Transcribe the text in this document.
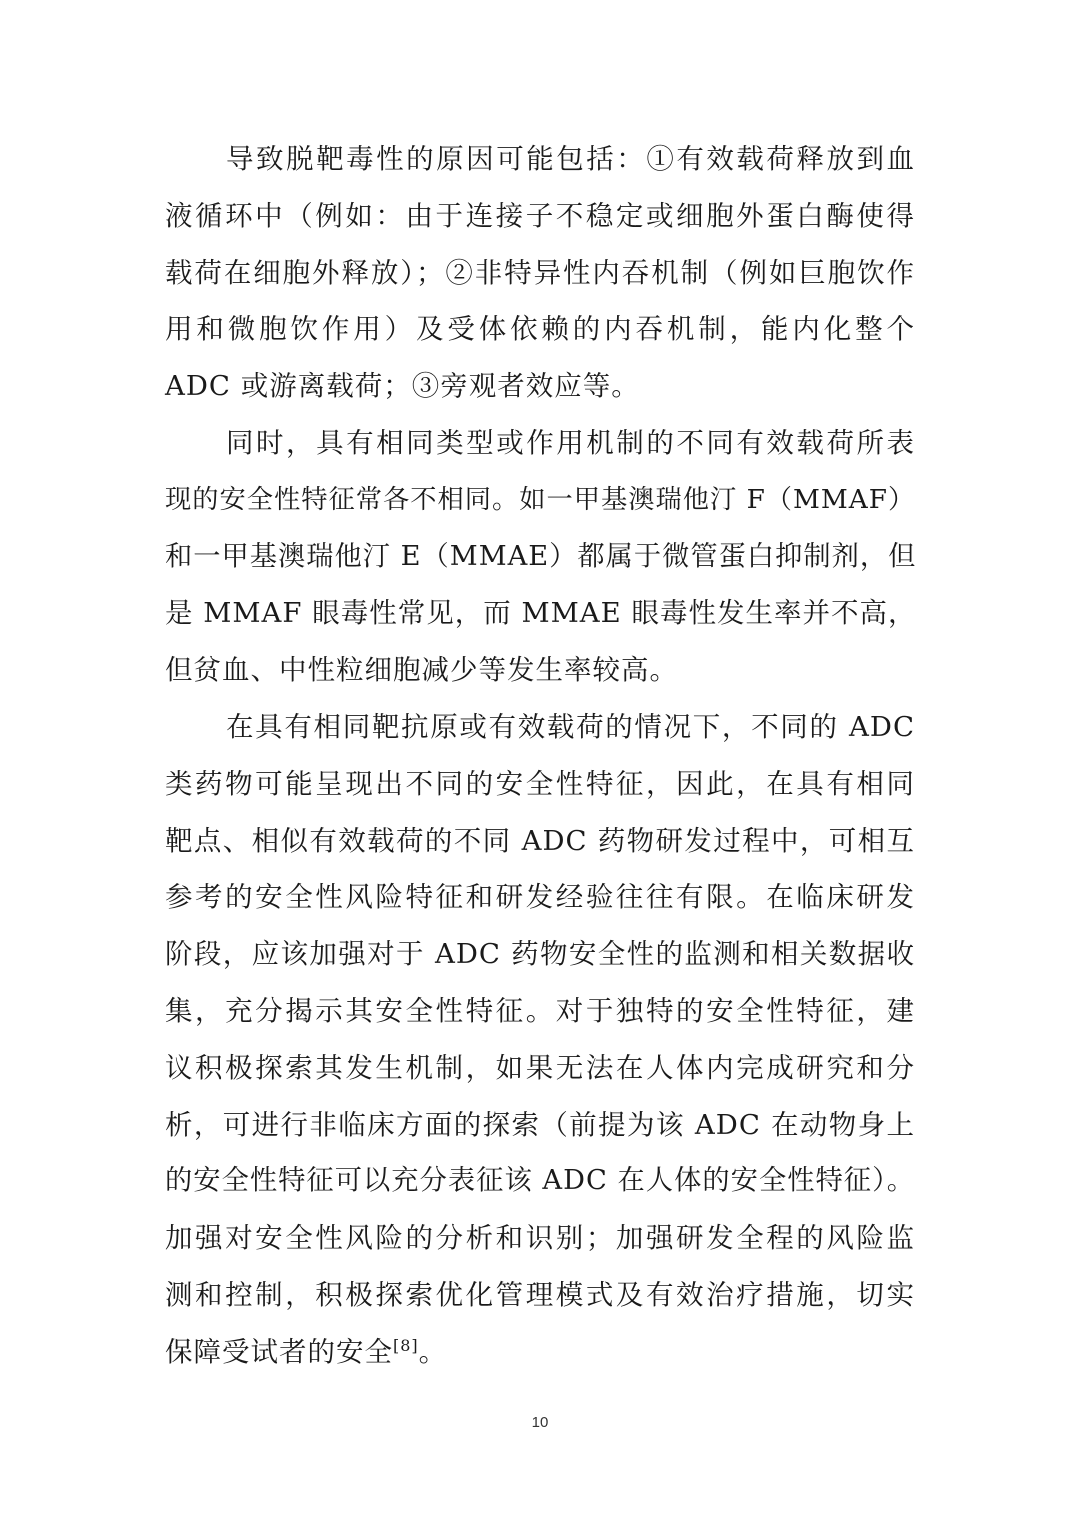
导致脱靶毒性的原因可能包括：①有效载荷释放到血
液循环中（例如：由于连接子不稳定或细胞外蛋白酶使得
载荷在细胞外释放）；②非特异性内吞机制（例如巨胞饮作
用和微胞饮作用）及受体依赖的内吞机制，能内化整个
ADC 或游离载荷；③旁观者效应等。
同时，具有相同类型或作用机制的不同有效载荷所表
现的安全性特征常各不相同。如一甲基澳瑞他汀 F（MMAF）
和一甲基澳瑞他汀 E（MMAE）都属于微管蛋白抑制剂，但
是 MMAF 眼毒性常见，而 MMAE 眼毒性发生率并不高，
但贫血、中性粒细胞减少等发生率较高。
在具有相同靶抗原或有效载荷的情况下，不同的 ADC
类药物可能呈现出不同的安全性特征，因此，在具有相同
靶点、相似有效载荷的不同 ADC 药物研发过程中，可相互
参考的安全性风险特征和研发经验往往有限。在临床研发
阶段，应该加强对于 ADC 药物安全性的监测和相关数据收
集，充分揭示其安全性特征。对于独特的安全性特征，建
议积极探索其发生机制，如果无法在人体内完成研究和分
析，可进行非临床方面的探索（前提为该 ADC 在动物身上
的安全性特征可以充分表征该 ADC 在人体的安全性特征）。
加强对安全性风险的分析和识别；加强研发全程的风险监
测和控制，积极探索优化管理模式及有效治疗措施，切实
保障受试者的安全[8]。
10
